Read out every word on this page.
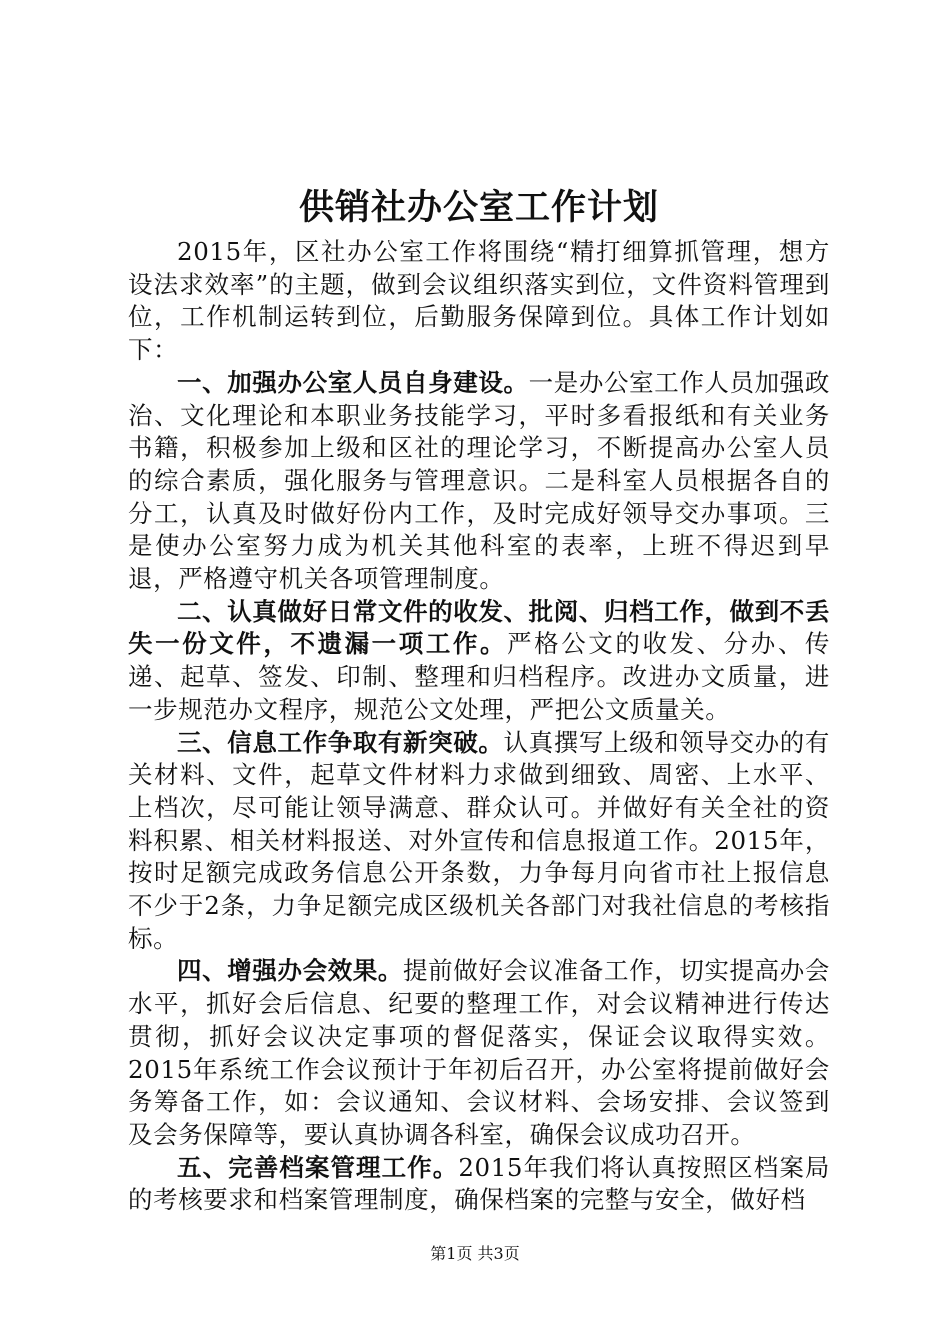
供销社办公室工作计划

2015年，区社办公室工作将围绕“精打细算抓管理，想方设法求效率”的主题，做到会议组织落实到位，文件资料管理到位，工作机制运转到位，后勤服务保障到位。具体工作计划如下：

一、加强办公室人员自身建设。一是办公室工作人员加强政治、文化理论和本职业务技能学习，平时多看报纸和有关业务书籍，积极参加上级和区社的理论学习，不断提高办公室人员的综合素质，强化服务与管理意识。二是科室人员根据各自的分工，认真及时做好份内工作，及时完成好领导交办事项。三是使办公室努力成为机关其他科室的表率，上班不得迟到早退，严格遵守机关各项管理制度。

二、认真做好日常文件的收发、批阅、归档工作，做到不丢失一份文件，不遗漏一项工作。严格公文的收发、分办、传递、起草、签发、印制、整理和归档程序。改进办文质量，进一步规范办文程序，规范公文处理，严把公文质量关。

三、信息工作争取有新突破。认真撰写上级和领导交办的有关材料、文件，起草文件材料力求做到细致、周密、上水平、上档次，尽可能让领导满意、群众认可。并做好有关全社的资料积累、相关材料报送、对外宣传和信息报道工作。2015年，按时足额完成政务信息公开条数，力争每月向省市社上报信息不少于2条，力争足额完成区级机关各部门对我社信息的考核指标。

四、增强办会效果。提前做好会议准备工作，切实提高办会水平，抓好会后信息、纪要的整理工作，对会议精神进行传达贯彻，抓好会议决定事项的督促落实，保证会议取得实效。2015年系统工作会议预计于年初后召开，办公室将提前做好会务筹备工作，如：会议通知、会议材料、会场安排、会议签到及会务保障等，要认真协调各科室，确保会议成功召开。

五、完善档案管理工作。2015年我们将认真按照区档案局的考核要求和档案管理制度，确保档案的完整与安全，做好档

第1页 共3页
